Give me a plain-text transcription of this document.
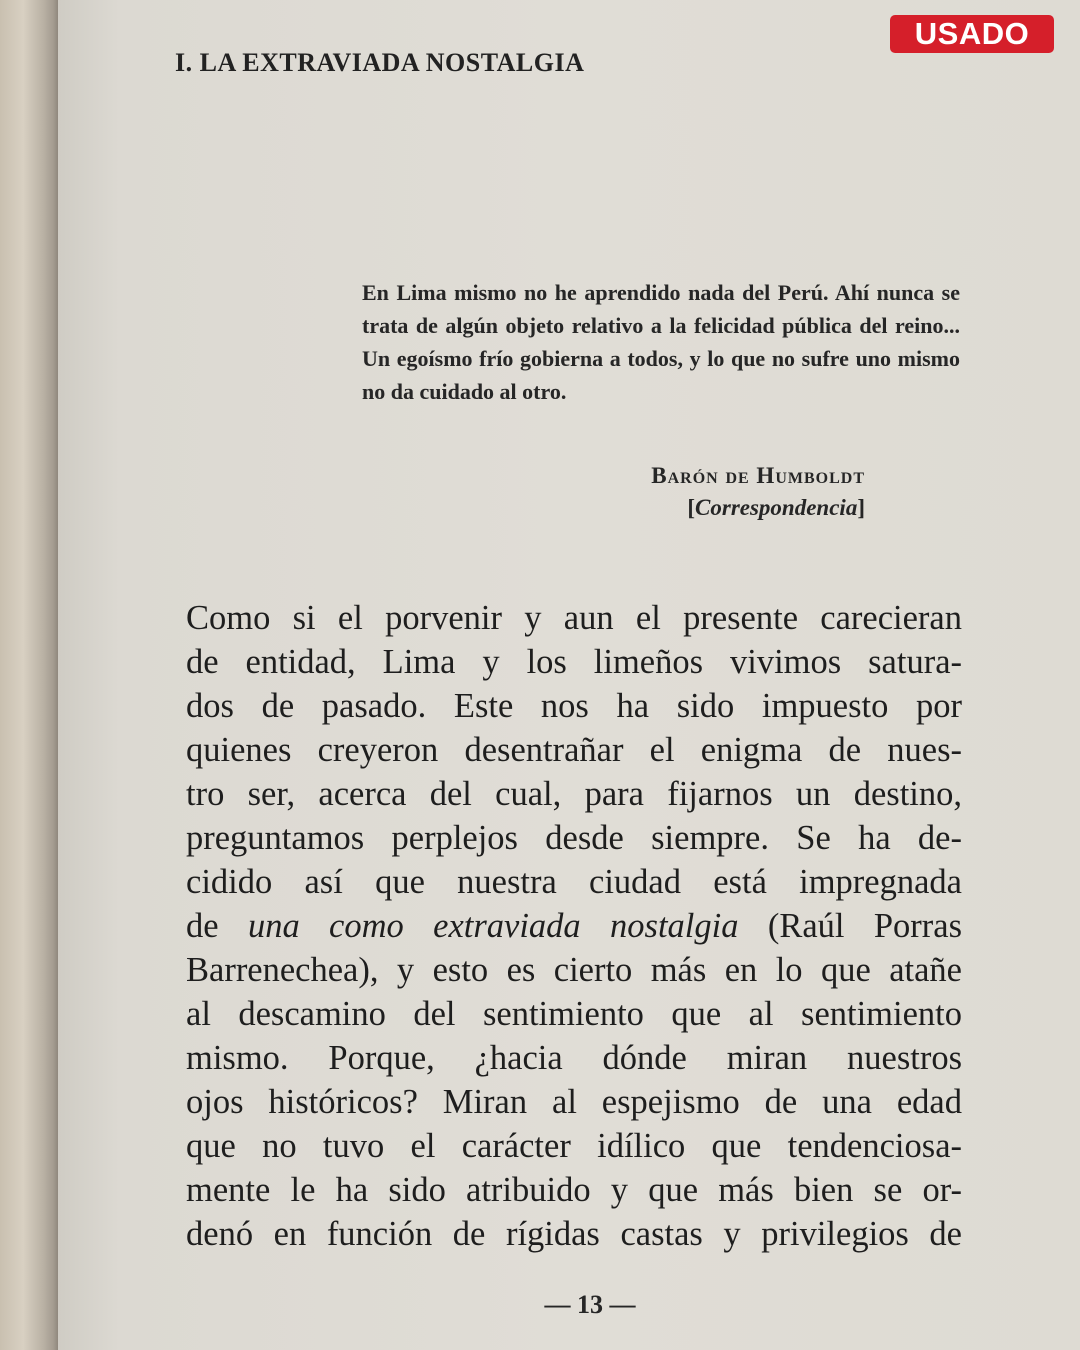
I. LA EXTRAVIADA NOSTALGIA
USADO

En Lima mismo no he aprendido nada del Perú. Ahí nunca se trata de algún objeto relativo a la felicidad pública del reino... Un egoísmo frío gobierna a todos, y lo que no sufre uno mismo no da cuidado al otro.

Barón de Humboldt
[Correspondencia]
Como si el porvenir y aun el presente carecieran
de entidad, Lima y los limeños vivimos satura-
dos de pasado. Este nos ha sido impuesto por
quienes creyeron desentrañar el enigma de nues-
tro ser, acerca del cual, para fijarnos un destino,
preguntamos perplejos desde siempre. Se ha de-
cidido así que nuestra ciudad está impregnada
de una como extraviada nostalgia (Raúl Porras
Barrenechea), y esto es cierto más en lo que atañe
al descamino del sentimiento que al sentimiento
mismo. Porque, ¿hacia dónde miran nuestros
ojos históricos? Miran al espejismo de una edad
que no tuvo el carácter idílico que tendenciosa-
mente le ha sido atribuido y que más bien se or-
denó en función de rígidas castas y privilegios de
— 13 —
